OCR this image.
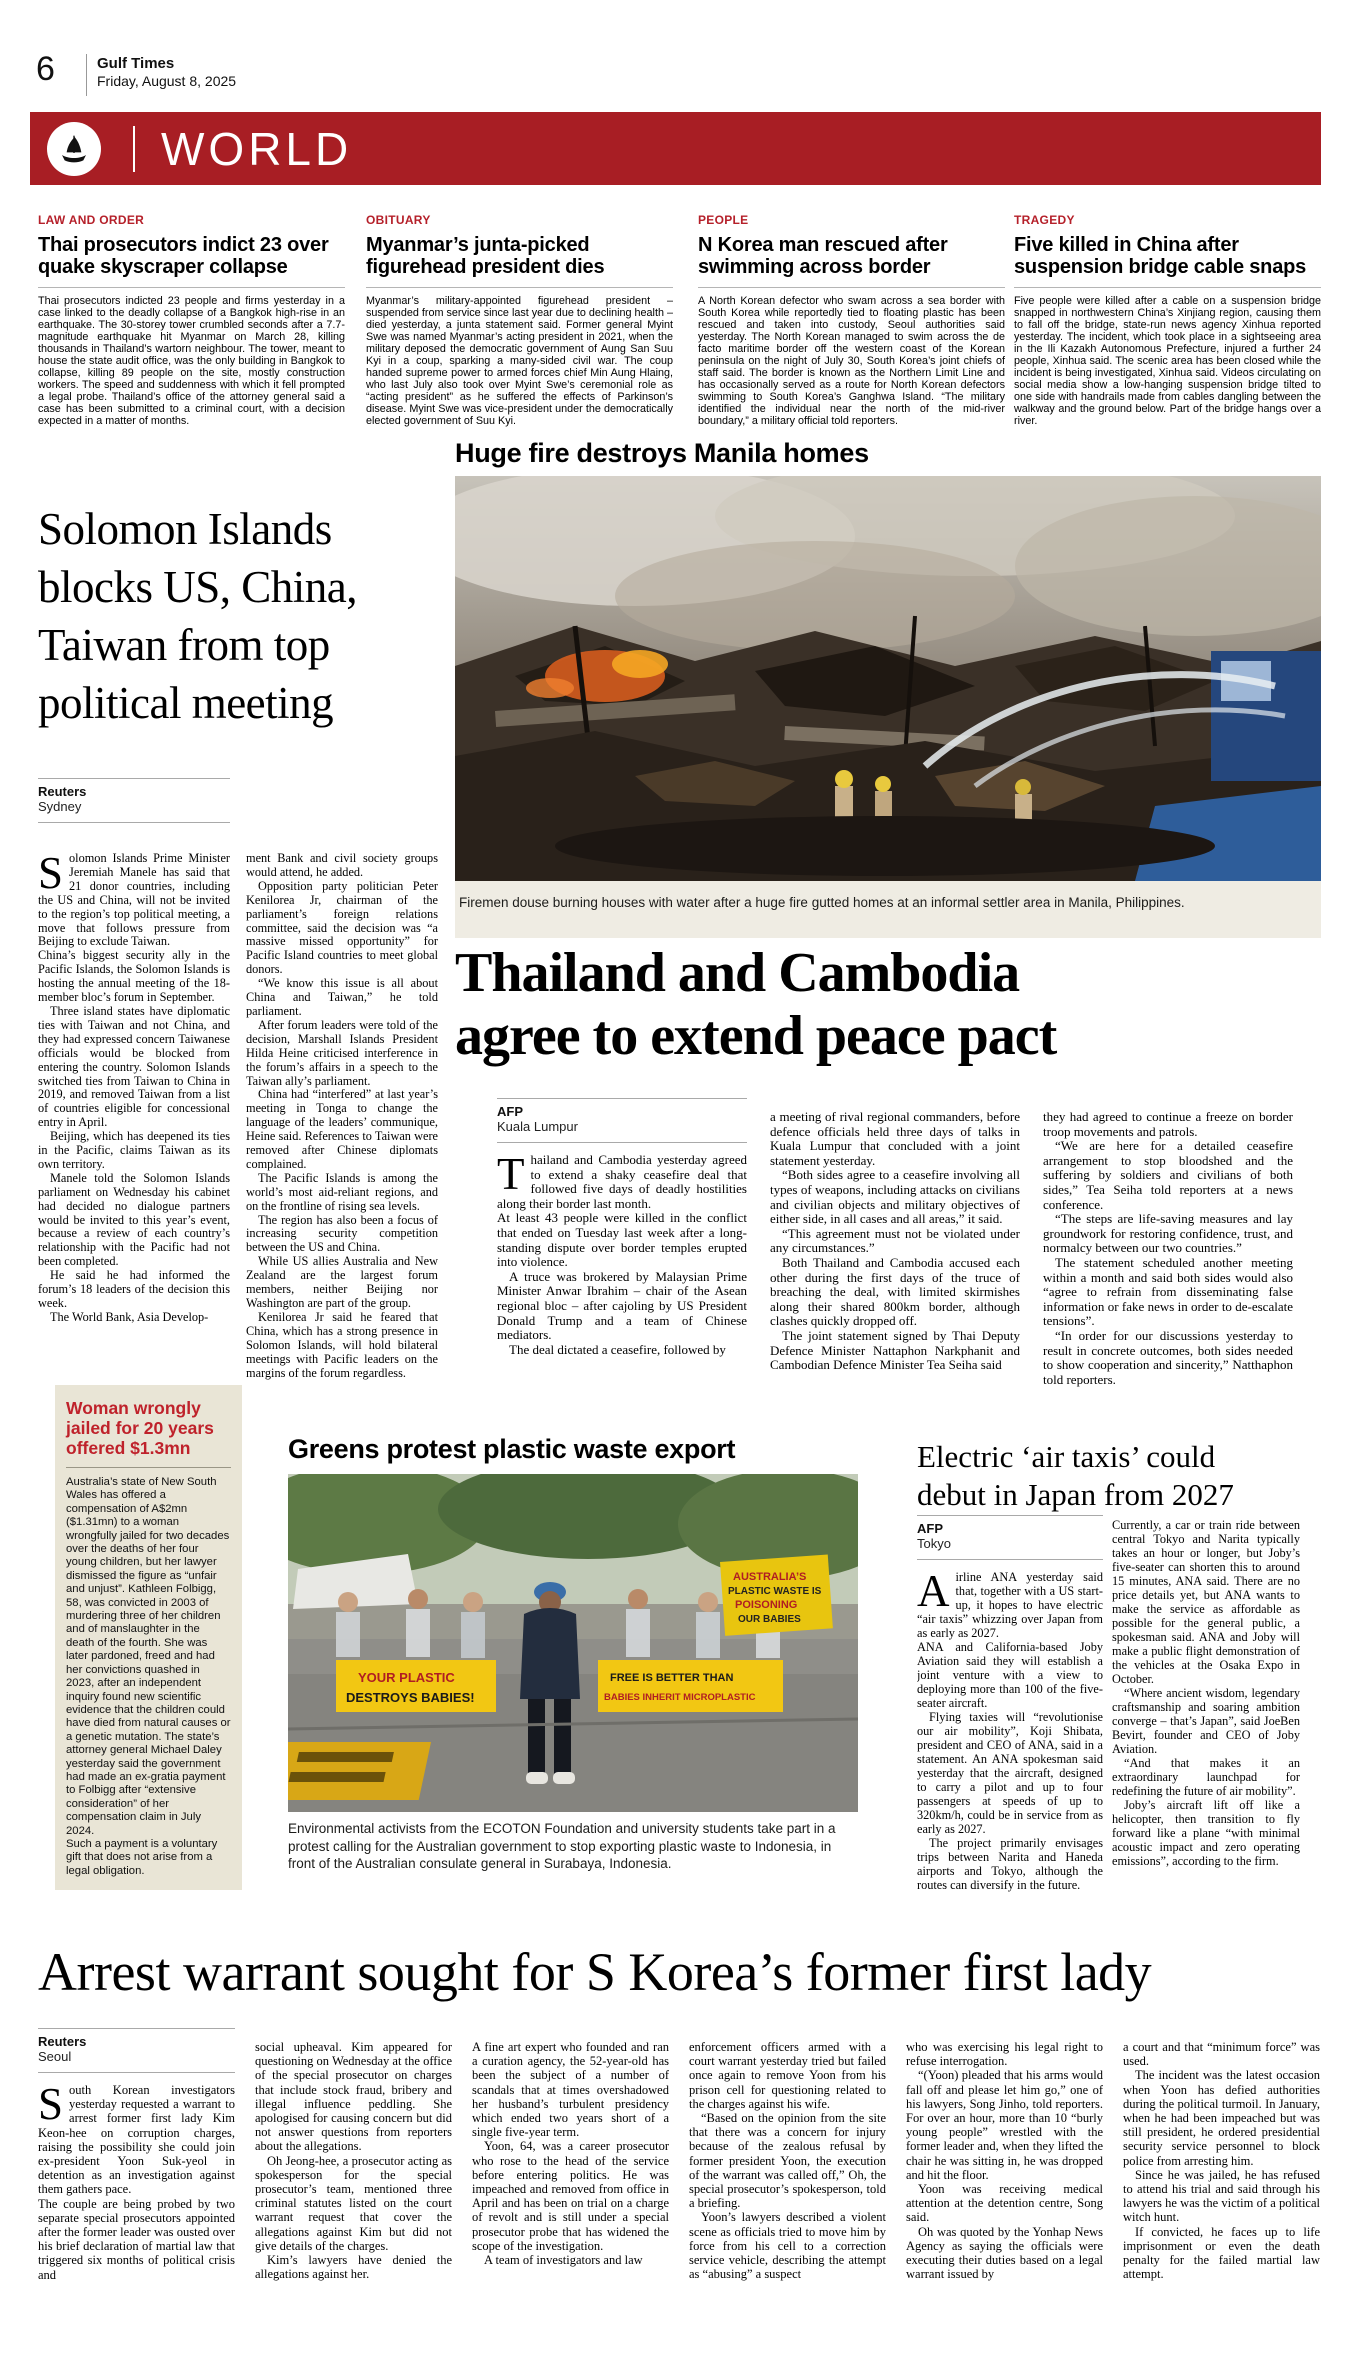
6	Gulf Times
Friday, August 8, 2025
WORLD
LAW AND ORDER
Thai prosecutors indict 23 over quake skyscraper collapse
Thai prosecutors indicted 23 people and firms yesterday in a case linked to the deadly collapse of a Bangkok high-rise in an earthquake. The 30-storey tower crumbled seconds after a 7.7-magnitude earthquake hit Myanmar on March 28, killing thousands in Thailand’s wartorn neighbour. The tower, meant to house the state audit office, was the only building in Bangkok to collapse, killing 89 people on the site, mostly construction workers. The speed and suddenness with which it fell prompted a legal probe. Thailand’s office of the attorney general said a case has been submitted to a criminal court, with a decision expected in a matter of months.
OBITUARY
Myanmar’s junta-picked figurehead president dies
Myanmar’s military-appointed figurehead president – suspended from service since last year due to declining health – died yesterday, a junta statement said. Former general Myint Swe was named Myanmar’s acting president in 2021, when the military deposed the democratic government of Aung San Suu Kyi in a coup, sparking a many-sided civil war. The coup handed supreme power to armed forces chief Min Aung Hlaing, who last July also took over Myint Swe’s ceremonial role as “acting president” as he suffered the effects of Parkinson’s disease. Myint Swe was vice-president under the democratically elected government of Suu Kyi.
PEOPLE
N Korea man rescued after swimming across border
A North Korean defector who swam across a sea border with South Korea while reportedly tied to floating plastic has been rescued and taken into custody, Seoul authorities said yesterday. The North Korean managed to swim across the de facto maritime border off the western coast of the Korean peninsula on the night of July 30, South Korea’s joint chiefs of staff said. The border is known as the Northern Limit Line and has occasionally served as a route for North Korean defectors swimming to South Korea’s Ganghwa Island. “The military identified the individual near the north of the mid-river boundary,” a military official told reporters.
TRAGEDY
Five killed in China after suspension bridge cable snaps
Five people were killed after a cable on a suspension bridge snapped in northwestern China’s Xinjiang region, causing them to fall off the bridge, state-run news agency Xinhua reported yesterday. The incident, which took place in a sightseeing area in the Ili Kazakh Autonomous Prefecture, injured a further 24 people, Xinhua said. The scenic area has been closed while the incident is being investigated, Xinhua said. Videos circulating on social media show a low-hanging suspension bridge tilted to one side with handrails made from cables dangling between the walkway and the ground below. Part of the bridge hangs over a river.
Solomon Islands
blocks US, China,
Taiwan from top
political meeting
Reuters
Sydney

Solomon Islands Prime Minister Jeremiah Manele has said that 21 donor countries, including the US and China, will not be invited to the region’s top political meeting, a move that follows pressure from Beijing to exclude Taiwan.

China’s biggest security ally in the Pacific Islands, the Solomon Islands is hosting the annual meeting of the 18-member bloc’s forum in September.

Three island states have diplomatic ties with Taiwan and not China, and they had expressed concern Taiwanese officials would be blocked from entering the country. Solomon Islands switched ties from Taiwan to China in 2019, and removed Taiwan from a list of countries eligible for concessional entry in April.

Beijing, which has deepened its ties in the Pacific, claims Taiwan as its own territory.

Manele told the Solomon Islands parliament on Wednesday his cabinet had decided no dialogue partners would be invited to this year’s event, because a review of each country’s relationship with the Pacific had not been completed.

He said he had informed the forum’s 18 leaders of the decision this week.

The World Bank, Asia Develop-

ment Bank and civil society groups would attend, he added.

Opposition party politician Peter Kenilorea Jr, chairman of the parliament’s foreign relations committee, said the decision was “a massive missed opportunity” for Pacific Island countries to meet global donors.

“We know this issue is all about China and Taiwan,” he told parliament.

After forum leaders were told of the decision, Marshall Islands President Hilda Heine criticised interference in the forum’s affairs in a speech to the Taiwan ally’s parliament.

China had “interfered” at last year’s meeting in Tonga to change the language of the leaders’ communique, Heine said. References to Taiwan were removed after Chinese diplomats complained.

The Pacific Islands is among the world’s most aid-reliant regions, and on the frontline of rising sea levels.

The region has also been a focus of increasing security competition between the US and China.

While US allies Australia and New Zealand are the largest forum members, neither Beijing nor Washington are part of the group.

Kenilorea Jr said he feared that China, which has a strong presence in Solomon Islands, will hold bilateral meetings with Pacific leaders on the margins of the forum regardless.

Huge fire destroys Manila homes
Firemen douse burning houses with water after a huge fire gutted homes at an informal settler area in Manila, Philippines.
Thailand and Cambodia
agree to extend peace pact
AFP
Kuala Lumpur

Thailand and Cambodia yesterday agreed to extend a shaky ceasefire deal that followed five days of deadly hostilities along their border last month.

At least 43 people were killed in the conflict that ended on Tuesday last week after a long-standing dispute over border temples erupted into violence.

A truce was brokered by Malaysian Prime Minister Anwar Ibrahim – chair of the Asean regional bloc – after cajoling by US President Donald Trump and a team of Chinese mediators.

The deal dictated a ceasefire, followed by

a meeting of rival regional commanders, before defence officials held three days of talks in Kuala Lumpur that concluded with a joint statement yesterday.

“Both sides agree to a ceasefire involving all types of weapons, including attacks on civilians and civilian objects and military objectives of either side, in all cases and all areas,” it said.

“This agreement must not be violated under any circumstances.”

Both Thailand and Cambodia accused each other during the first days of the truce of breaching the deal, with limited skirmishes along their shared 800km border, although clashes quickly dropped off.

The joint statement signed by Thai Deputy Defence Minister Nattaphon Narkphanit and Cambodian Defence Minister Tea Seiha said

they had agreed to continue a freeze on border troop movements and patrols.

“We are here for a detailed ceasefire arrangement to stop bloodshed and the suffering by soldiers and civilians of both sides,” Tea Seiha told reporters at a news conference.

“The steps are life-saving measures and lay groundwork for restoring confidence, trust, and normalcy between our two countries.”

The statement scheduled another meeting within a month and said both sides would also “agree to refrain from disseminating false information or fake news in order to de-escalate tensions”.

“In order for our discussions yesterday to result in concrete outcomes, both sides needed to show cooperation and sincerity,” Natthaphon told reporters.

Woman wrongly jailed for 20 years offered $1.3mn

Australia’s state of New South Wales has offered a compensation of A$2mn ($1.31mn) to a woman wrongfully jailed for two decades over the deaths of her four young children, but her lawyer dismissed the figure as “unfair and unjust”. Kathleen Folbigg, 58, was convicted in 2003 of murdering three of her children and of manslaughter in the death of the fourth. She was later pardoned, freed and had her convictions quashed in 2023, after an independent inquiry found new scientific evidence that the children could have died from natural causes or a genetic mutation. The state’s attorney general Michael Daley yesterday said the government had made an ex-gratia payment to Folbigg after “extensive consideration” of her compensation claim in July 2024.

Such a payment is a voluntary gift that does not arise from a legal obligation.

Greens protest plastic waste export
AUSTRALIA’S
PLASTIC WASTE IS
POISONING
OUR BABIES
YOUR PLASTIC
DESTROYS BABIES!
FREE IS BETTER THAN
BABIES INHERIT MICROPLASTIC
Environmental activists from the ECOTON Foundation and university students take part in a protest calling for the Australian government to stop exporting plastic waste to Indonesia, in front of the Australian consulate general in Surabaya, Indonesia.
Electric ‘air taxis’ could
debut in Japan from 2027
AFP
Tokyo

Airline ANA yesterday said that, together with a US start-up, it hopes to have electric “air taxis” whizzing over Japan from as early as 2027.

ANA and California-based Joby Aviation said they will establish a joint venture with a view to deploying more than 100 of the five-seater aircraft.

Flying taxies will “revolutionise our air mobility”, Koji Shibata, president and CEO of ANA, said in a statement. An ANA spokesman said yesterday that the aircraft, designed to carry a pilot and up to four passengers at speeds of up to 320km/h, could be in service from as early as 2027.

The project primarily envisages trips between Narita and Haneda airports and Tokyo, although the routes can diversify in the future.

Currently, a car or train ride between central Tokyo and Narita typically takes an hour or longer, but Joby’s five-seater can shorten this to around 15 minutes, ANA said. There are no price details yet, but ANA wants to make the service as affordable as possible for the general public, a spokesman said. ANA and Joby will make a public flight demonstration of the vehicles at the Osaka Expo in October.

“Where ancient wisdom, legendary craftsmanship and soaring ambition converge – that’s Japan”, said JoeBen Bevirt, founder and CEO of Joby Aviation.

“And that makes it an extraordinary launchpad for redefining the future of air mobility”.

Joby’s aircraft lift off like a helicopter, then transition to fly forward like a plane “with minimal acoustic impact and zero operating emissions”, according to the firm.

Arrest warrant sought for S Korea’s former first lady
Reuters
Seoul

South Korean investigators yesterday requested a warrant to arrest former first lady Kim Keon-hee on corruption charges, raising the possibility she could join ex-president Yoon Suk-yeol in detention as an investigation against them gathers pace.

The couple are being probed by two separate special prosecutors appointed after the former leader was ousted over his brief declaration of martial law that triggered six months of political crisis and

social upheaval. Kim appeared for questioning on Wednesday at the office of the special prosecutor on charges that include stock fraud, bribery and illegal influence peddling. She apologised for causing concern but did not answer questions from reporters about the allegations.

Oh Jeong-hee, a prosecutor acting as spokesperson for the special prosecutor’s team, mentioned three criminal statutes listed on the court warrant request that cover the allegations against Kim but did not give details of the charges.

Kim’s lawyers have denied the allegations against her.

A fine art expert who founded and ran a curation agency, the 52-year-old has been the subject of a number of scandals that at times overshadowed her husband’s turbulent presidency which ended two years short of a single five-year term.

Yoon, 64, was a career prosecutor who rose to the head of the service before entering politics. He was impeached and removed from office in April and has been on trial on a charge of revolt and is still under a special prosecutor probe that has widened the scope of the investigation.

A team of investigators and law

enforcement officers armed with a court warrant yesterday tried but failed once again to remove Yoon from his prison cell for questioning related to the charges against his wife.

“Based on the opinion from the site that there was a concern for injury because of the zealous refusal by former president Yoon, the execution of the warrant was called off,” Oh, the special prosecutor’s spokesperson, told a briefing.

Yoon’s lawyers described a violent scene as officials tried to move him by force from his cell to a correction service vehicle, describing the attempt as “abusing” a suspect

who was exercising his legal right to refuse interrogation.

“(Yoon) pleaded that his arms would fall off and please let him go,” one of his lawyers, Song Jinho, told reporters. For over an hour, more than 10 “burly young people” wrestled with the former leader and, when they lifted the chair he was sitting in, he was dropped and hit the floor.

Yoon was receiving medical attention at the detention centre, Song said.

Oh was quoted by the Yonhap News Agency as saying the officials were executing their duties based on a legal warrant issued by

a court and that “minimum force” was used.

The incident was the latest occasion when Yoon has defied authorities during the political turmoil. In January, when he had been impeached but was still president, he ordered presidential security service personnel to block police from arresting him.

Since he was jailed, he has refused to attend his trial and said through his lawyers he was the victim of a political witch hunt.

If convicted, he faces up to life imprisonment or even the death penalty for the failed martial law attempt.
